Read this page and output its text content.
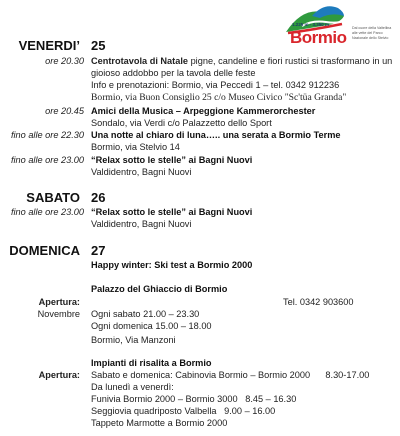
1.225 m - 3.350 m
Bormio Dal cuore della Valtellina
alle vette del Parco
Nazionale dello Stelvio
VENERDI’ 25
ore 20.30 Centrotavola di Natale pigne, candeline e fiori rustici si trasformano in un
gioioso addobbo per la tavola delle feste
Info e prenotazioni: Bormio, via Peccedi 1 – tel. 0342 912236
Bormio, via Buon Consiglio 25 c/o Museo Civico "Sc'tüa Granda"
ore 20.45 Amici della Musica – Arpeggione Kammerorchester
Sondalo, via Verdi c/o Palazzetto dello Sport
fino alle ore 22.30 Una notte al chiaro di luna….. una serata a Bormio Terme
Bormio, via Stelvio 14
fino alle ore 23.00 “Relax sotto le stelle” ai Bagni Nuovi
Valdidentro, Bagni Nuovi
SABATO 26
fino alle ore 23.00 “Relax sotto le stelle” ai Bagni Nuovi
Valdidentro, Bagni Nuovi
DOMENICA 27
Happy winter: Ski test a Bormio 2000
Palazzo del Ghiaccio di Bormio
Apertura:	Tel. 0342 903600
Novembre Ogni sabato 21.00 – 23.30
Ogni domenica 15.00 – 18.00
Bormio, Via Manzoni
Impianti di risalita a Bormio
Apertura: Sabato e domenica: Cabinovia Bormio – Bormio 2000      8.30-17.00
Da lunedì a venerdì:
Funivia Bormio 2000 – Bormio 3000   8.45 – 16.30
Seggiovia quadriposto Valbella   9.00 – 16.00
Tappeto Marmotte a Bormio 2000
